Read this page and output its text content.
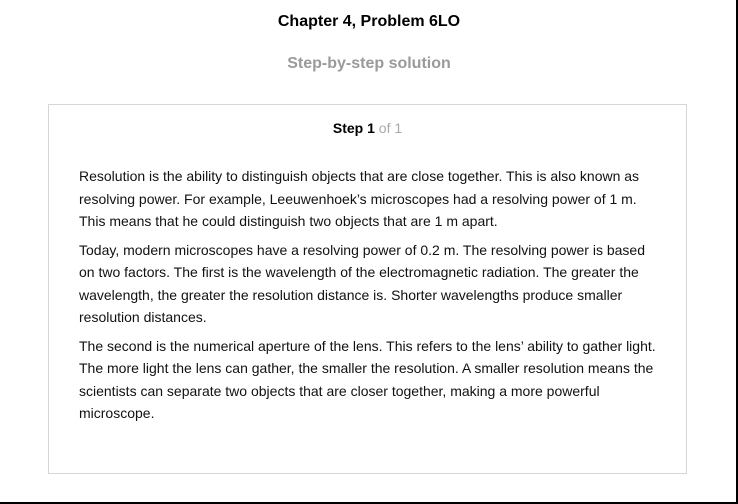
Chapter 4, Problem 6LO
Step-by-step solution
Step 1 of 1

Resolution is the ability to distinguish objects that are close together. This is also known as resolving power. For example, Leeuwenhoek’s microscopes had a resolving power of 1 m. This means that he could distinguish two objects that are 1 m apart.

Today, modern microscopes have a resolving power of 0.2 m. The resolving power is based on two factors. The first is the wavelength of the electromagnetic radiation. The greater the wavelength, the greater the resolution distance is. Shorter wavelengths produce smaller resolution distances.

The second is the numerical aperture of the lens. This refers to the lens’ ability to gather light. The more light the lens can gather, the smaller the resolution. A smaller resolution means the scientists can separate two objects that are closer together, making a more powerful microscope.
